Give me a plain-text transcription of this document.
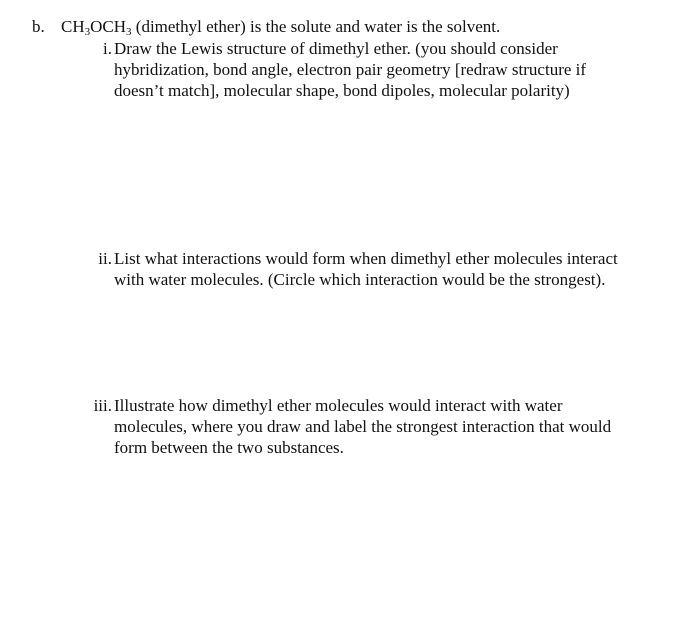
b. $CH_3OCH_3$ (dimethyl ether) is the solute and water is the solvent.
i. Draw the Lewis structure of dimethyl ether. (you should consider
hybridization, bond angle, electron pair geometry [redraw structure if
doesn’t match], molecular shape, bond dipoles, molecular polarity)
ii. List what interactions would form when dimethyl ether molecules interact
with water molecules. (Circle which interaction would be the strongest).
iii. Illustrate how dimethyl ether molecules would interact with water
molecules, where you draw and label the strongest interaction that would
form between the two substances.
